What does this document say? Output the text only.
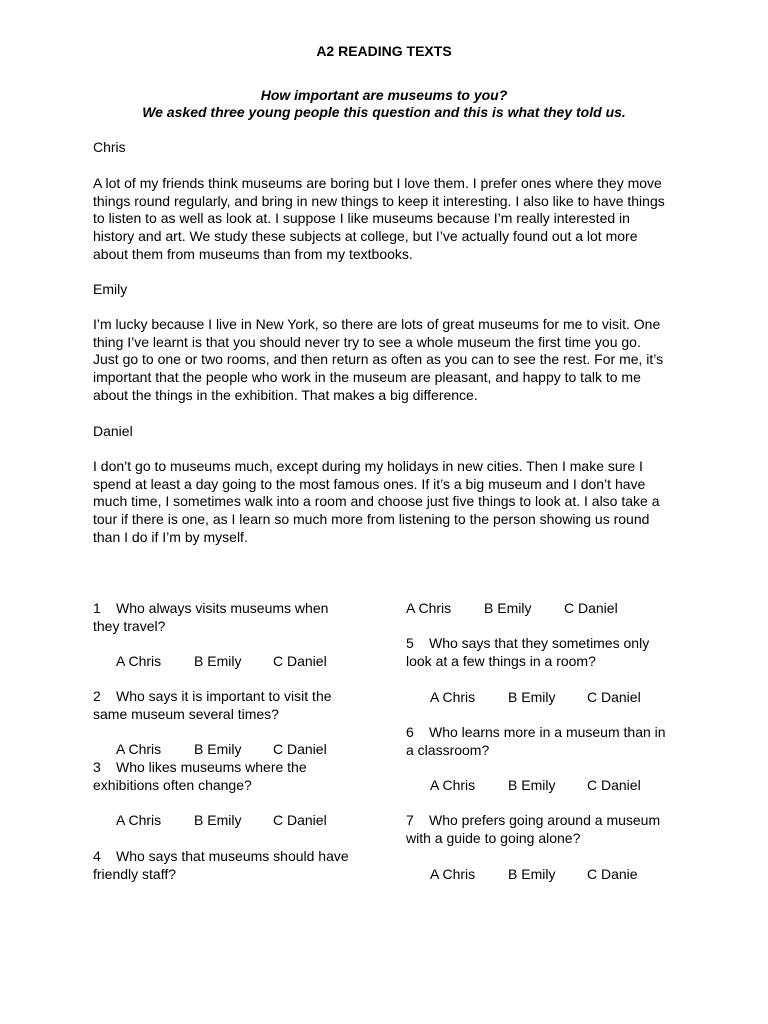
A2 READING TEXTS

How important are museums to you?

We asked three young people this question and this is what they told us.

Chris

A lot of my friends think museums are boring but I love them. I prefer ones where they move
things round regularly, and bring in new things to keep it interesting. I also like to have things
to listen to as well as look at. I suppose I like museums because I’m really interested in
history and art. We study these subjects at college, but I’ve actually found out a lot more
about them from museums than from my textbooks.

Emily

I’m lucky because I live in New York, so there are lots of great museums for me to visit. One
thing I’ve learnt is that you should never try to see a whole museum the first time you go.
Just go to one or two rooms, and then return as often as you can to see the rest. For me, it’s
important that the people who work in the museum are pleasant, and happy to talk to me
about the things in the exhibition. That makes a big difference.

Daniel

I don’t go to museums much, except during my holidays in new cities. Then I make sure I
spend at least a day going to the most famous ones. If it’s a big museum and I don’t have
much time, I sometimes walk into a room and choose just five things to look at. I also take a
tour if there is one, as I learn so much more from listening to the person showing us round
than I do if I’m by myself.
1 Who always visits museums when
they travel?
A Chris B Emily C Daniel
2 Who says it is important to visit the
same museum several times?
A Chris B Emily C Daniel
3 Who likes museums where the
exhibitions often change?
A Chris B Emily C Daniel
4 Who says that museums should have
friendly staff?
A Chris B Emily C Daniel
5 Who says that they sometimes only
look at a few things in a room?
A Chris B Emily C Daniel
6 Who learns more in a museum than in
a classroom?
A Chris B Emily C Daniel
7 Who prefers going around a museum
with a guide to going alone?
A Chris B Emily C Danie
